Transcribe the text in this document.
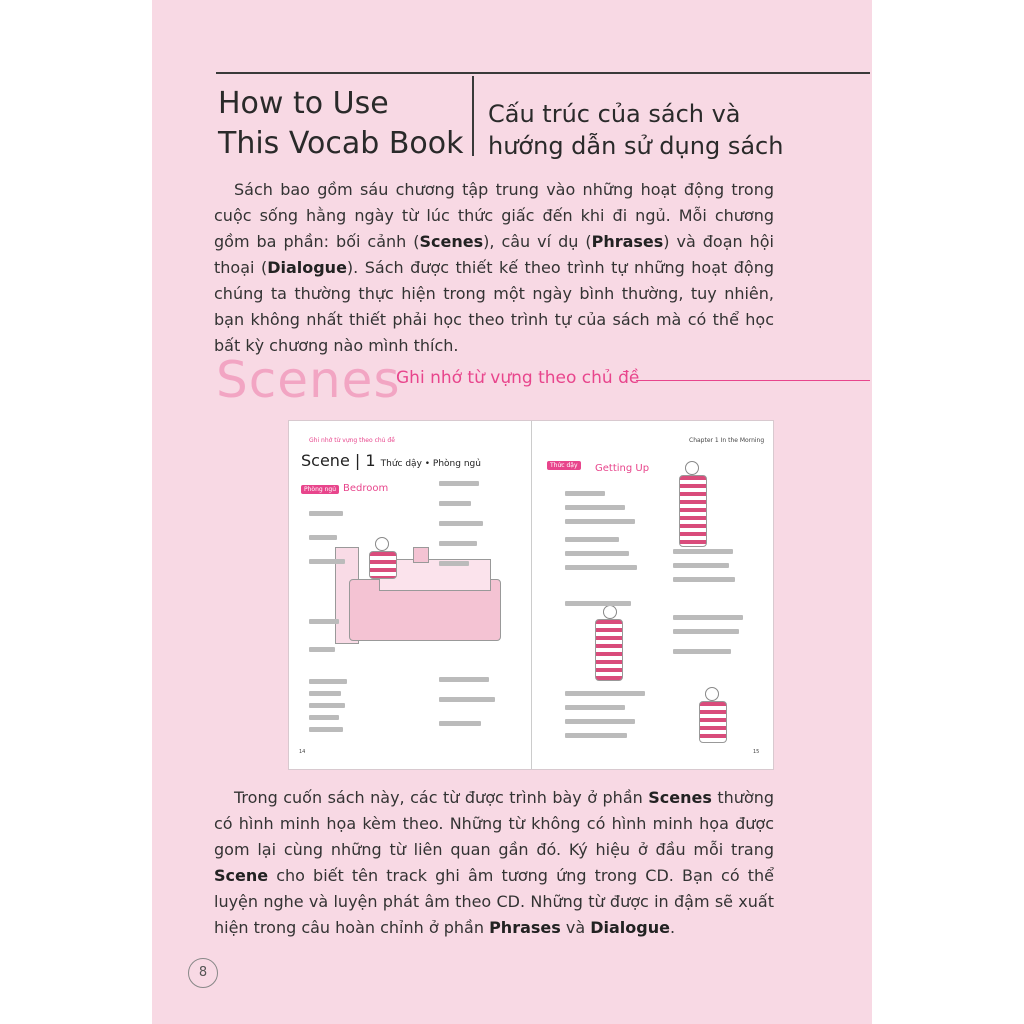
How to Use
This Vocab Book
Cấu trúc của sách và
hướng dẫn sử dụng sách
Sách bao gồm sáu chương tập trung vào những hoạt động trong cuộc sống hằng ngày từ lúc thức giấc đến khi đi ngủ. Mỗi chương gồm ba phần: bối cảnh (Scenes), câu ví dụ (Phrases) và đoạn hội thoại (Dialogue). Sách được thiết kế theo trình tự những hoạt động chúng ta thường thực hiện trong một ngày bình thường, tuy nhiên, bạn không nhất thiết phải học theo trình tự của sách mà có thể học bất kỳ chương nào mình thích.
Scenes
Ghi nhớ từ vựng theo chủ đề
Ghi nhớ từ vựng theo chủ đề	Chapter 1 In the Morning
Scene | 1 Thức dậy • Phòng ngủ
Phòng ngủ Bedroom
Thức dậy	Getting Up
14	15
Trong cuốn sách này, các từ được trình bày ở phần Scenes thường có hình minh họa kèm theo. Những từ không có hình minh họa được gom lại cùng những từ liên quan gần đó. Ký hiệu ở đầu mỗi trang Scene cho biết tên track ghi âm tương ứng trong CD. Bạn có thể luyện nghe và luyện phát âm theo CD. Những từ được in đậm sẽ xuất hiện trong câu hoàn chỉnh ở phần Phrases và Dialogue.
8
